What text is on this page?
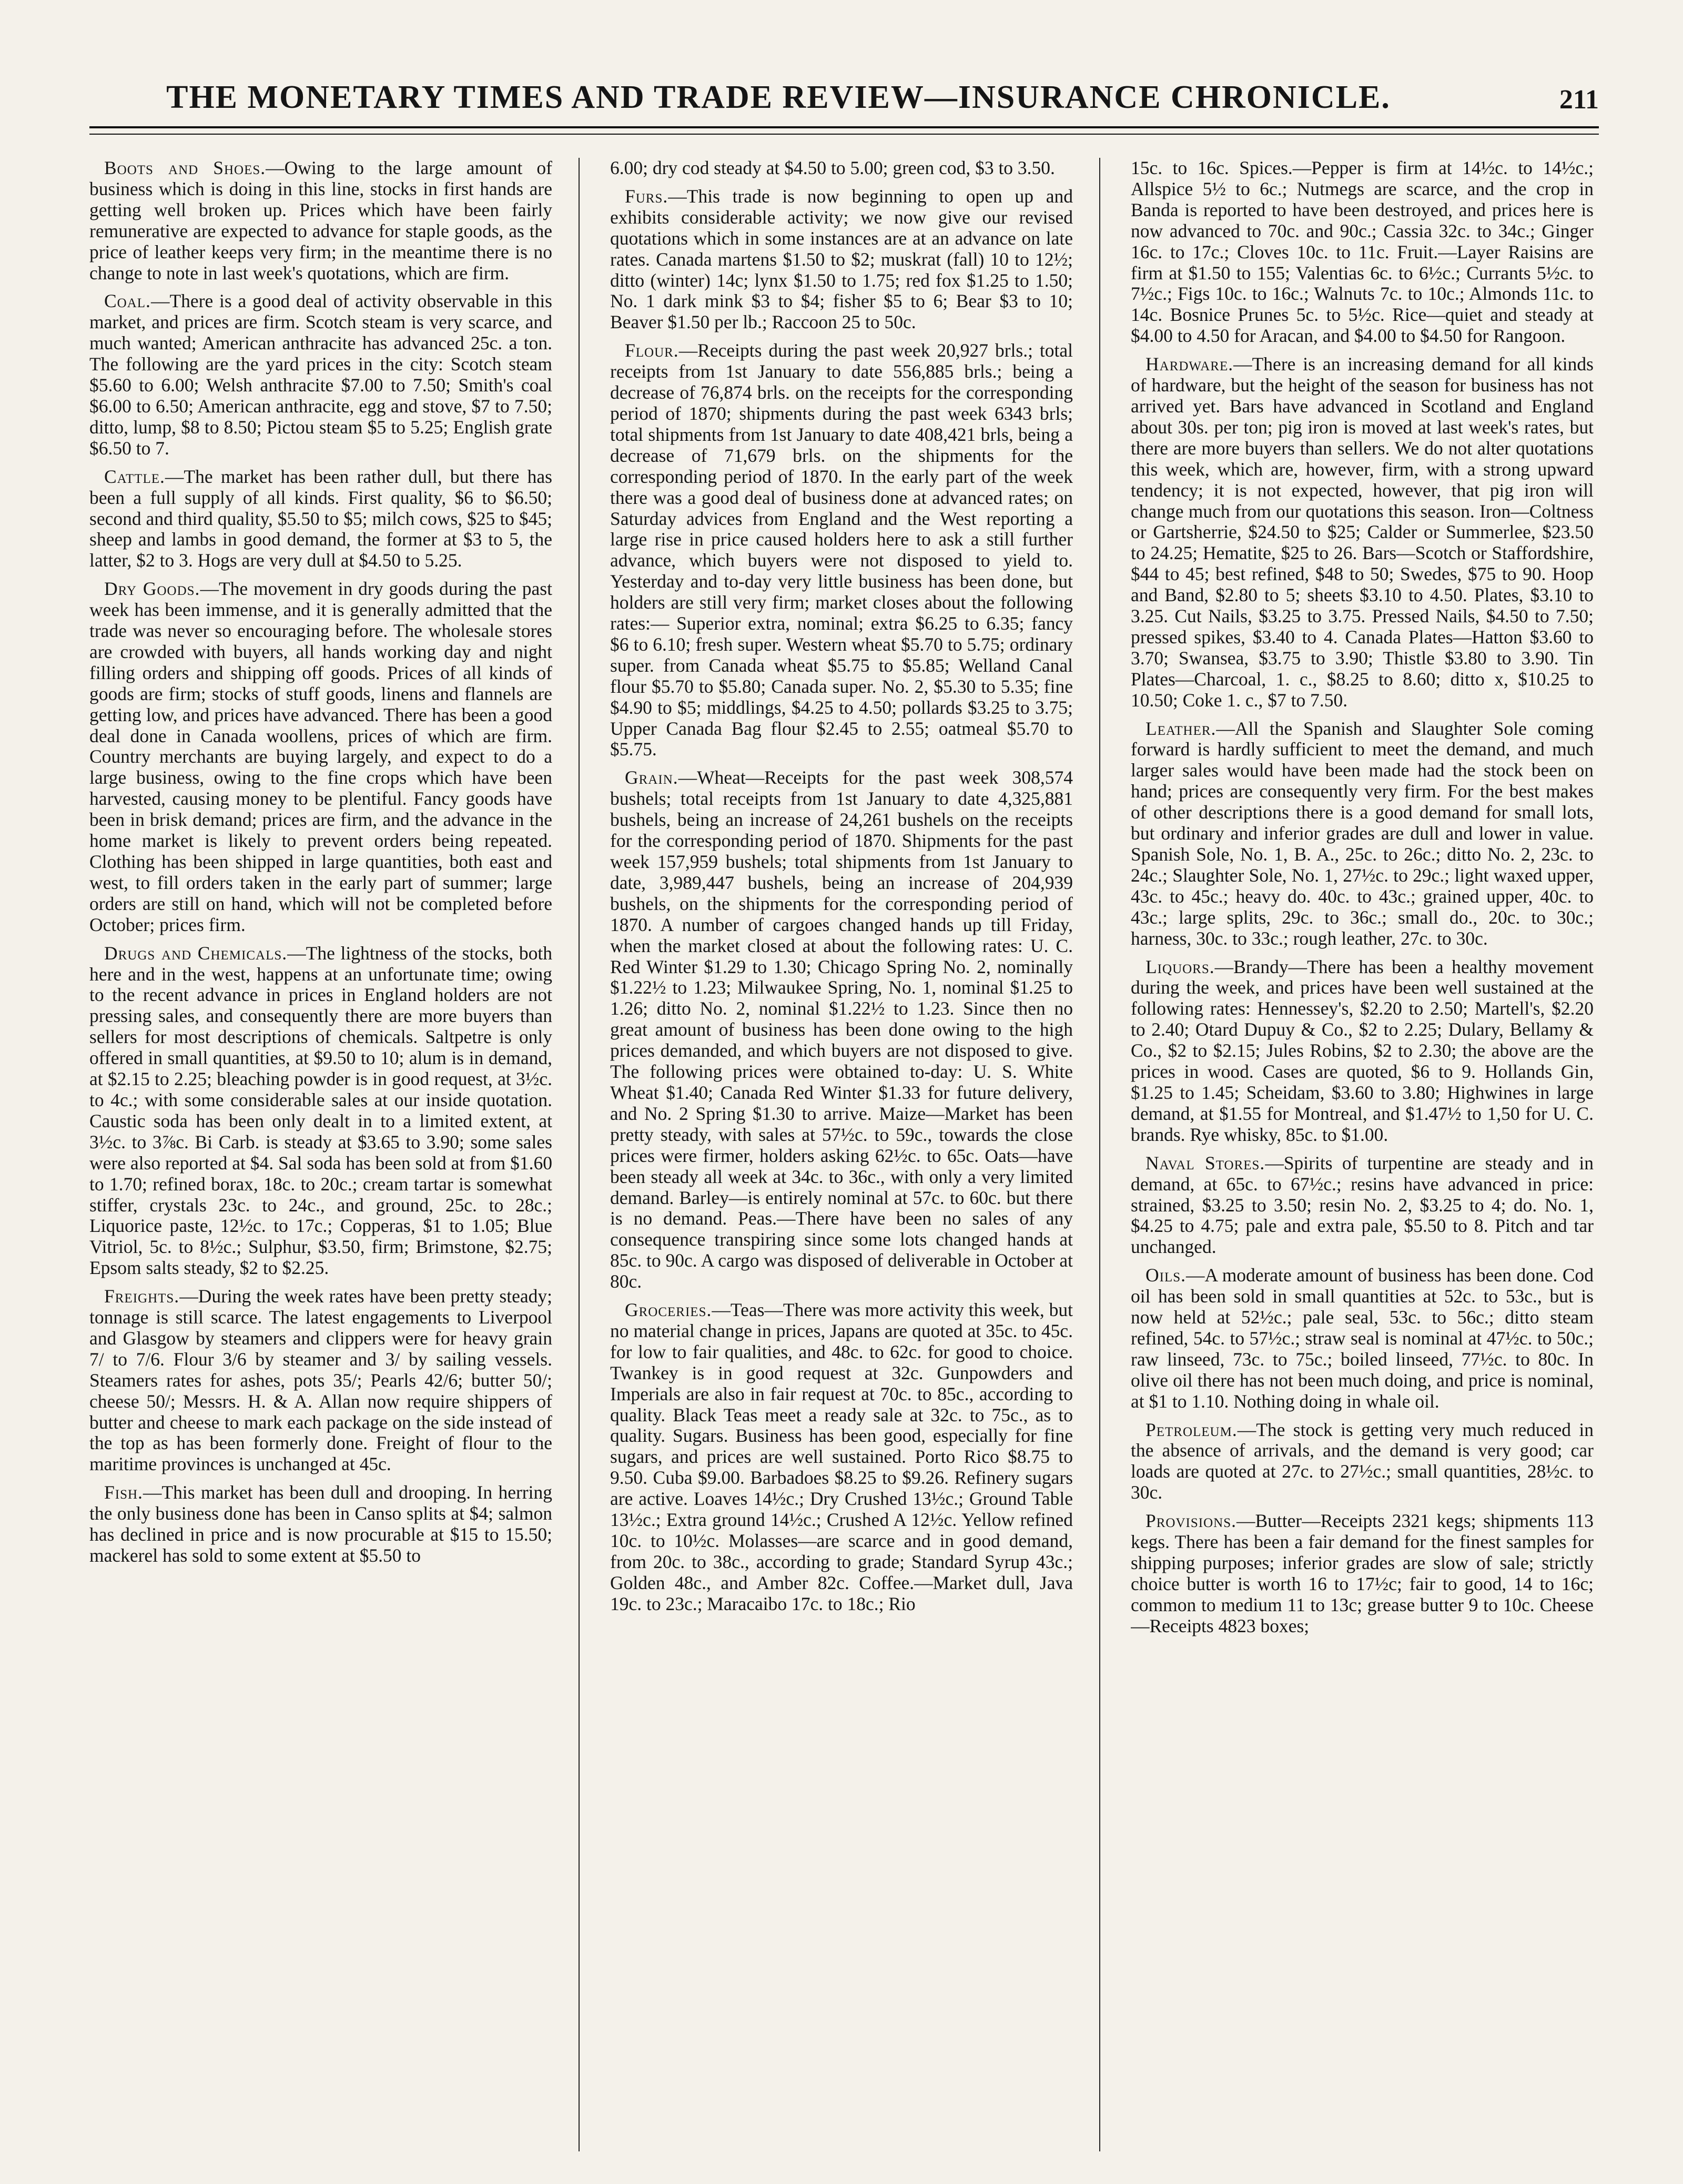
THE MONETARY TIMES AND TRADE REVIEW—INSURANCE CHRONICLE.	211

Boots and Shoes.—Owing to the large amount of business which is doing in this line, stocks in first hands are getting well broken up. Prices which have been fairly remunerative are expected to advance for staple goods, as the price of leather keeps very firm; in the meantime there is no change to note in last week's quotations, which are firm.

Coal.—There is a good deal of activity observable in this market, and prices are firm. Scotch steam is very scarce, and much wanted; American anthracite has advanced 25c. a ton. The following are the yard prices in the city: Scotch steam $5.60 to 6.00; Welsh anthracite $7.00 to 7.50; Smith's coal $6.00 to 6.50; American anthracite, egg and stove, $7 to 7.50; ditto, lump, $8 to 8.50; Pictou steam $5 to 5.25; English grate $6.50 to 7.

Cattle.—The market has been rather dull, but there has been a full supply of all kinds. First quality, $6 to $6.50; second and third quality, $5.50 to $5; milch cows, $25 to $45; sheep and lambs in good demand, the former at $3 to 5, the latter, $2 to 3. Hogs are very dull at $4.50 to 5.25.

Dry Goods.—The movement in dry goods during the past week has been immense, and it is generally admitted that the trade was never so encouraging before. The wholesale stores are crowded with buyers, all hands working day and night filling orders and shipping off goods. Prices of all kinds of goods are firm; stocks of stuff goods, linens and flannels are getting low, and prices have advanced. There has been a good deal done in Canada woollens, prices of which are firm. Country merchants are buying largely, and expect to do a large business, owing to the fine crops which have been harvested, causing money to be plentiful. Fancy goods have been in brisk demand; prices are firm, and the advance in the home market is likely to prevent orders being repeated. Clothing has been shipped in large quantities, both east and west, to fill orders taken in the early part of summer; large orders are still on hand, which will not be completed before October; prices firm.

Drugs and Chemicals.—The lightness of the stocks, both here and in the west, happens at an unfortunate time; owing to the recent advance in prices in England holders are not pressing sales, and consequently there are more buyers than sellers for most descriptions of chemicals. Saltpetre is only offered in small quantities, at $9.50 to 10; alum is in demand, at $2.15 to 2.25; bleaching powder is in good request, at 3½c. to 4c.; with some considerable sales at our inside quotation. Caustic soda has been only dealt in to a limited extent, at 3½c. to 3⅞c. Bi Carb. is steady at $3.65 to 3.90; some sales were also reported at $4. Sal soda has been sold at from $1.60 to 1.70; refined borax, 18c. to 20c.; cream tartar is somewhat stiffer, crystals 23c. to 24c., and ground, 25c. to 28c.; Liquorice paste, 12½c. to 17c.; Copperas, $1 to 1.05; Blue Vitriol, 5c. to 8½c.; Sulphur, $3.50, firm; Brimstone, $2.75; Epsom salts steady, $2 to $2.25.

Freights.—During the week rates have been pretty steady; tonnage is still scarce. The latest engagements to Liverpool and Glasgow by steamers and clippers were for heavy grain 7/ to 7/6. Flour 3/6 by steamer and 3/ by sailing vessels. Steamers rates for ashes, pots 35/; Pearls 42/6; butter 50/; cheese 50/; Messrs. H. & A. Allan now require shippers of butter and cheese to mark each package on the side instead of the top as has been formerly done. Freight of flour to the maritime provinces is unchanged at 45c.

Fish.—This market has been dull and drooping. In herring the only business done has been in Canso splits at $4; salmon has declined in price and is now procurable at $15 to 15.50; mackerel has sold to some extent at $5.50 to

6.00; dry cod steady at $4.50 to 5.00; green cod, $3 to 3.50.

Furs.—This trade is now beginning to open up and exhibits considerable activity; we now give our revised quotations which in some instances are at an advance on late rates. Canada martens $1.50 to $2; muskrat (fall) 10 to 12½; ditto (winter) 14c; lynx $1.50 to 1.75; red fox $1.25 to 1.50; No. 1 dark mink $3 to $4; fisher $5 to 6; Bear $3 to 10; Beaver $1.50 per lb.; Raccoon 25 to 50c.

Flour.—Receipts during the past week 20,927 brls.; total receipts from 1st January to date 556,885 brls.; being a decrease of 76,874 brls. on the receipts for the corresponding period of 1870; shipments during the past week 6343 brls; total shipments from 1st January to date 408,421 brls, being a decrease of 71,679 brls. on the shipments for the corresponding period of 1870. In the early part of the week there was a good deal of business done at advanced rates; on Saturday advices from England and the West reporting a large rise in price caused holders here to ask a still further advance, which buyers were not disposed to yield to. Yesterday and to-day very little business has been done, but holders are still very firm; market closes about the following rates:— Superior extra, nominal; extra $6.25 to 6.35; fancy $6 to 6.10; fresh super. Western wheat $5.70 to 5.75; ordinary super. from Canada wheat $5.75 to $5.85; Welland Canal flour $5.70 to $5.80; Canada super. No. 2, $5.30 to 5.35; fine $4.90 to $5; middlings, $4.25 to 4.50; pollards $3.25 to 3.75; Upper Canada Bag flour $2.45 to 2.55; oatmeal $5.70 to $5.75.

Grain.—Wheat—Receipts for the past week 308,574 bushels; total receipts from 1st January to date 4,325,881 bushels, being an increase of 24,261 bushels on the receipts for the corresponding period of 1870. Shipments for the past week 157,959 bushels; total shipments from 1st January to date, 3,989,447 bushels, being an increase of 204,939 bushels, on the shipments for the corresponding period of 1870. A number of cargoes changed hands up till Friday, when the market closed at about the following rates: U. C. Red Winter $1.29 to 1.30; Chicago Spring No. 2, nominally $1.22½ to 1.23; Milwaukee Spring, No. 1, nominal $1.25 to 1.26; ditto No. 2, nominal $1.22½ to 1.23. Since then no great amount of business has been done owing to the high prices demanded, and which buyers are not disposed to give. The following prices were obtained to-day: U. S. White Wheat $1.40; Canada Red Winter $1.33 for future delivery, and No. 2 Spring $1.30 to arrive. Maize—Market has been pretty steady, with sales at 57½c. to 59c., towards the close prices were firmer, holders asking 62½c. to 65c. Oats—have been steady all week at 34c. to 36c., with only a very limited demand. Barley—is entirely nominal at 57c. to 60c. but there is no demand. Peas.—There have been no sales of any consequence transpiring since some lots changed hands at 85c. to 90c. A cargo was disposed of deliverable in October at 80c.

Groceries.—Teas—There was more activity this week, but no material change in prices, Japans are quoted at 35c. to 45c. for low to fair qualities, and 48c. to 62c. for good to choice. Twankey is in good request at 32c. Gunpowders and Imperials are also in fair request at 70c. to 85c., according to quality. Black Teas meet a ready sale at 32c. to 75c., as to quality. Sugars. Business has been good, especially for fine sugars, and prices are well sustained. Porto Rico $8.75 to 9.50. Cuba $9.00. Barbadoes $8.25 to $9.26. Refinery sugars are active. Loaves 14½c.; Dry Crushed 13½c.; Ground Table 13½c.; Extra ground 14½c.; Crushed A 12½c. Yellow refined 10c. to 10½c. Molasses—are scarce and in good demand, from 20c. to 38c., according to grade; Standard Syrup 43c.; Golden 48c., and Amber 82c. Coffee.—Market dull, Java 19c. to 23c.; Maracaibo 17c. to 18c.; Rio

15c. to 16c. Spices.—Pepper is firm at 14½c. to 14½c.; Allspice 5½ to 6c.; Nutmegs are scarce, and the crop in Banda is reported to have been destroyed, and prices here is now advanced to 70c. and 90c.; Cassia 32c. to 34c.; Ginger 16c. to 17c.; Cloves 10c. to 11c. Fruit.—Layer Raisins are firm at $1.50 to 155; Valentias 6c. to 6½c.; Currants 5½c. to 7½c.; Figs 10c. to 16c.; Walnuts 7c. to 10c.; Almonds 11c. to 14c. Bosnice Prunes 5c. to 5½c. Rice—quiet and steady at $4.00 to 4.50 for Aracan, and $4.00 to $4.50 for Rangoon.

Hardware.—There is an increasing demand for all kinds of hardware, but the height of the season for business has not arrived yet. Bars have advanced in Scotland and England about 30s. per ton; pig iron is moved at last week's rates, but there are more buyers than sellers. We do not alter quotations this week, which are, however, firm, with a strong upward tendency; it is not expected, however, that pig iron will change much from our quotations this season. Iron—Coltness or Gartsherrie, $24.50 to $25; Calder or Summerlee, $23.50 to 24.25; Hematite, $25 to 26. Bars—Scotch or Staffordshire, $44 to 45; best refined, $48 to 50; Swedes, $75 to 90. Hoop and Band, $2.80 to 5; sheets $3.10 to 4.50. Plates, $3.10 to 3.25. Cut Nails, $3.25 to 3.75. Pressed Nails, $4.50 to 7.50; pressed spikes, $3.40 to 4. Canada Plates—Hatton $3.60 to 3.70; Swansea, $3.75 to 3.90; Thistle $3.80 to 3.90. Tin Plates—Charcoal, 1. c., $8.25 to 8.60; ditto x, $10.25 to 10.50; Coke 1. c., $7 to 7.50.

Leather.—All the Spanish and Slaughter Sole coming forward is hardly sufficient to meet the demand, and much larger sales would have been made had the stock been on hand; prices are consequently very firm. For the best makes of other descriptions there is a good demand for small lots, but ordinary and inferior grades are dull and lower in value. Spanish Sole, No. 1, B. A., 25c. to 26c.; ditto No. 2, 23c. to 24c.; Slaughter Sole, No. 1, 27½c. to 29c.; light waxed upper, 43c. to 45c.; heavy do. 40c. to 43c.; grained upper, 40c. to 43c.; large splits, 29c. to 36c.; small do., 20c. to 30c.; harness, 30c. to 33c.; rough leather, 27c. to 30c.

Liquors.—Brandy—There has been a healthy movement during the week, and prices have been well sustained at the following rates: Hennessey's, $2.20 to 2.50; Martell's, $2.20 to 2.40; Otard Dupuy & Co., $2 to 2.25; Dulary, Bellamy & Co., $2 to $2.15; Jules Robins, $2 to 2.30; the above are the prices in wood. Cases are quoted, $6 to 9. Hollands Gin, $1.25 to 1.45; Scheidam, $3.60 to 3.80; Highwines in large demand, at $1.55 for Montreal, and $1.47½ to 1,50 for U. C. brands. Rye whisky, 85c. to $1.00.

Naval Stores.—Spirits of turpentine are steady and in demand, at 65c. to 67½c.; resins have advanced in price: strained, $3.25 to 3.50; resin No. 2, $3.25 to 4; do. No. 1, $4.25 to 4.75; pale and extra pale, $5.50 to 8. Pitch and tar unchanged.

Oils.—A moderate amount of business has been done. Cod oil has been sold in small quantities at 52c. to 53c., but is now held at 52½c.; pale seal, 53c. to 56c.; ditto steam refined, 54c. to 57½c.; straw seal is nominal at 47½c. to 50c.; raw linseed, 73c. to 75c.; boiled linseed, 77½c. to 80c. In olive oil there has not been much doing, and price is nominal, at $1 to 1.10. Nothing doing in whale oil.

Petroleum.—The stock is getting very much reduced in the absence of arrivals, and the demand is very good; car loads are quoted at 27c. to 27½c.; small quantities, 28½c. to 30c.

Provisions.—Butter—Receipts 2321 kegs; shipments 113 kegs. There has been a fair demand for the finest samples for shipping purposes; inferior grades are slow of sale; strictly choice butter is worth 16 to 17½c; fair to good, 14 to 16c; common to medium 11 to 13c; grease butter 9 to 10c. Cheese—Receipts 4823 boxes;
